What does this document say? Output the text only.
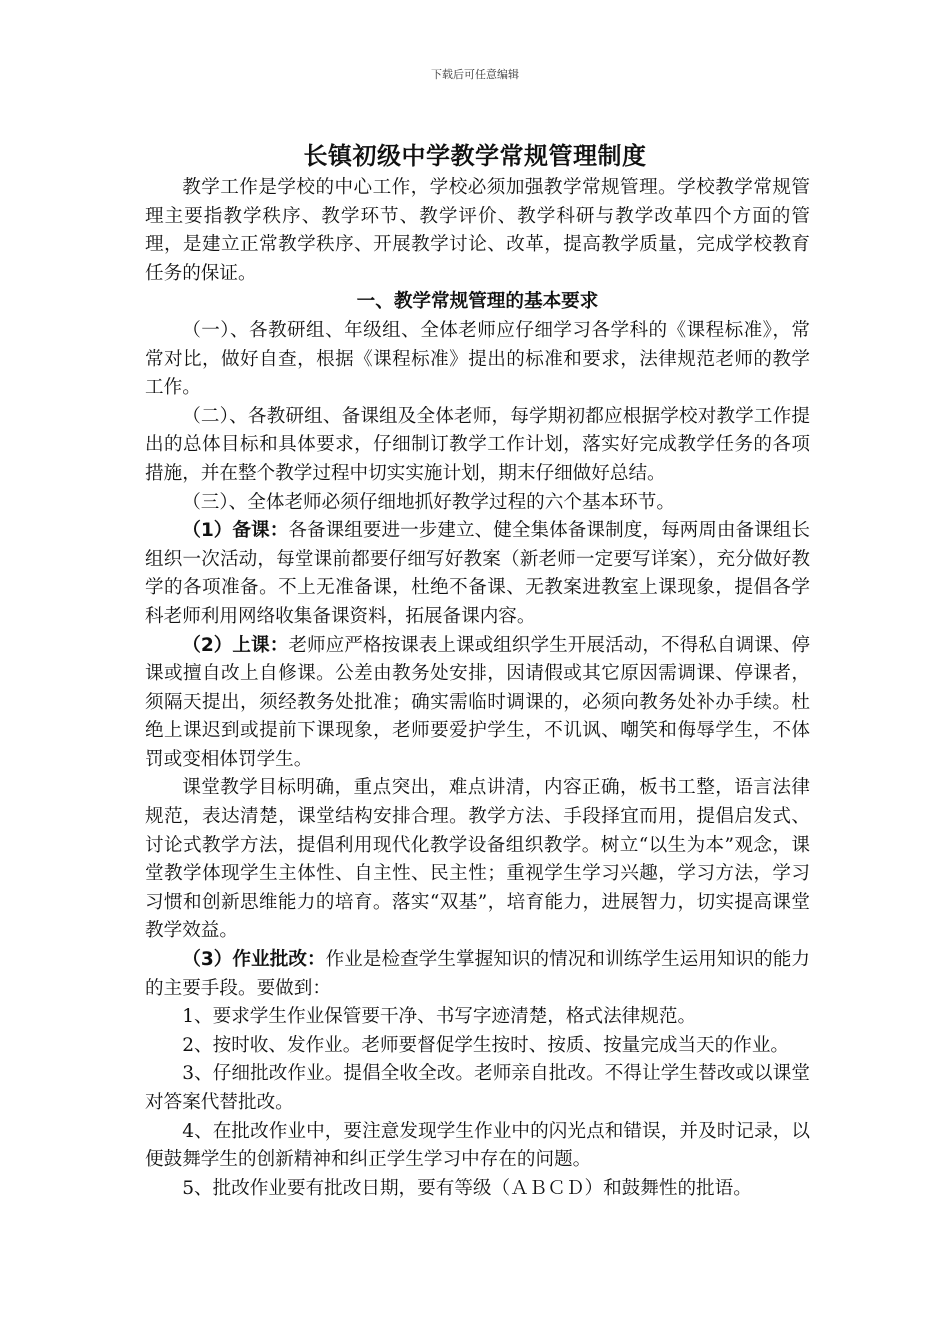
下载后可任意编辑
长镇初级中学教学常规管理制度

教学工作是学校的中心工作，学校必须加强教学常规管理。学校教学常规管理主要指教学秩序、教学环节、教学评价、教学科研与教学改革四个方面的管理，是建立正常教学秩序、开展教学讨论、改革，提高教学质量，完成学校教育任务的保证。

一、教学常规管理的基本要求

（一）、各教研组、年级组、全体老师应仔细学习各学科的《课程标准》，常常对比，做好自查，根据《课程标准》提出的标准和要求，法律规范老师的教学工作。

（二）、各教研组、备课组及全体老师，每学期初都应根据学校对教学工作提出的总体目标和具体要求，仔细制订教学工作计划，落实好完成教学任务的各项措施，并在整个教学过程中切实实施计划，期末仔细做好总结。

（三）、全体老师必须仔细地抓好教学过程的六个基本环节。

（1）备课：各备课组要进一步建立、健全集体备课制度，每两周由备课组长组织一次活动，每堂课前都要仔细写好教案（新老师一定要写详案），充分做好教学的各项准备。不上无准备课，杜绝不备课、无教案进教室上课现象，提倡各学科老师利用网络收集备课资料，拓展备课内容。

（2）上课：老师应严格按课表上课或组织学生开展活动，不得私自调课、停课或擅自改上自修课。公差由教务处安排，因请假或其它原因需调课、停课者，须隔天提出，须经教务处批准；确实需临时调课的，必须向教务处补办手续。杜绝上课迟到或提前下课现象，老师要爱护学生，不讥讽、嘲笑和侮辱学生，不体罚或变相体罚学生。

课堂教学目标明确，重点突出，难点讲清，内容正确，板书工整，语言法律规范，表达清楚，课堂结构安排合理。教学方法、手段择宜而用，提倡启发式、讨论式教学方法，提倡利用现代化教学设备组织教学。树立“以生为本”观念，课堂教学体现学生主体性、自主性、民主性；重视学生学习兴趣，学习方法，学习习惯和创新思维能力的培育。落实“双基”，培育能力，进展智力，切实提高课堂教学效益。

（3）作业批改：作业是检查学生掌握知识的情况和训练学生运用知识的能力的主要手段。要做到：

1、要求学生作业保管要干净、书写字迹清楚，格式法律规范。

2、按时收、发作业。老师要督促学生按时、按质、按量完成当天的作业。

3、仔细批改作业。提倡全收全改。老师亲自批改。不得让学生替改或以课堂对答案代替批改。

4、在批改作业中，要注意发现学生作业中的闪光点和错误，并及时记录，以便鼓舞学生的创新精神和纠正学生学习中存在的问题。

5、批改作业要有批改日期，要有等级（ＡＢＣＤ）和鼓舞性的批语。
